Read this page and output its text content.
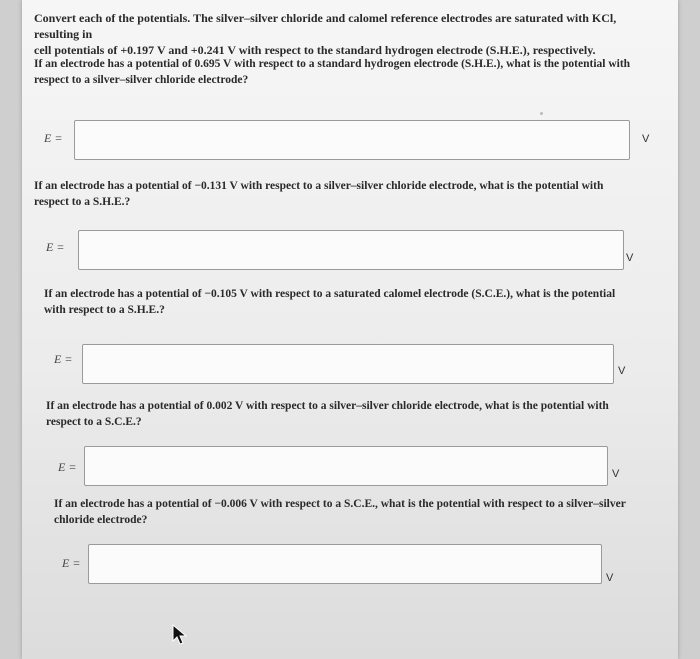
Convert each of the potentials. The silver–silver chloride and calomel reference electrodes are saturated with KCl, resulting in
cell potentials of +0.197 V and +0.241 V with respect to the standard hydrogen electrode (S.H.E.), respectively.
If an electrode has a potential of 0.695 V with respect to a standard hydrogen electrode (S.H.E.), what is the potential with respect to a silver–silver chloride electrode?
E =	V
If an electrode has a potential of −0.131 V with respect to a silver–silver chloride electrode, what is the potential with respect to a S.H.E.?
E =
V
If an electrode has a potential of −0.105 V with respect to a saturated calomel electrode (S.C.E.), what is the potential with respect to a S.H.E.?
E =
V
If an electrode has a potential of 0.002 V with respect to a silver–silver chloride electrode, what is the potential with respect to a S.C.E.?
E =	V
If an electrode has a potential of −0.006 V with respect to a S.C.E., what is the potential with respect to a silver–silver chloride electrode?
E =
V
